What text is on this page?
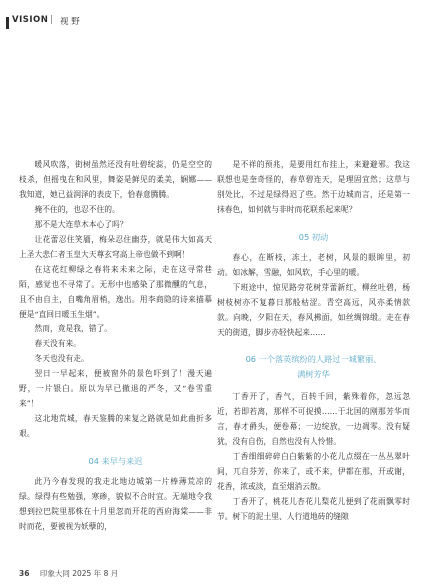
VISION | 视 野

暖风吹落，街树虽然还没有吐碧绽蕊，仍是空空的枝杀，但摇曳在和风里，舞姿是鲜见的柔美，娴娜——我知道，她已益润泽的表皮下，恰春意腾腾。

掩不住的，也忍不住的。

那不是大连草木本心了吗？

让花蕾忍住笑靥，梅朵忍住幽芬，就是伟大如高天上圣大悲仁者玉皇大天尊玄穹高上帝也做不到啊！

在这花红柳绿之春将来未来之际，走在这寻常巷陌，感觉也不寻常了。无形中也感染了那微醺的气息，且不由自主，自嘴角眉梢，逸出。用李商隐的诗来描摹便是“直回日暖玉生烟”。

然而，竟是我，错了。

春天没有来。

冬天也没有走。

翌日一早起来，便被窗外的景色吓到了！漫天遍野，一片银白。原以为早已撤退的严冬，又“卷雪重来”！

这北地荒城，春天鉴腾的来复之路就是如此曲折多艰。

04 来早与来迟

此乃今春发现的我走北地边城第一片棒薄荒凉的绿。绿得有些勉强，寒碜，貌似不合时宜。无端地令我想到拉巴院里那株在十月里忽而开花的西府海棠——非时而花，要被视为妖孽的，

是不祥的预兆，是要用红布挂上，来避避邪。我这联想也是奎奇怪的，春草碧连天，是理固宜然；这草与别处比，不过是绿得迟了些。然于边城而言，还是第一抹春色，如何就与非时而花联系起来呢？

05 初动

春心，在断枝，冻土，老树，风景的眼眸里，初动。如冰解，雪融，如风软，手心里的暖。

下班途中，惊见路旁花树芽蕾新红，柳丝吐碧，杨树枝树亦不复暮日那般枯涩。青空高远，风亦柔情款款。向晚，夕阳在天，春风拂面，如丝绸锦缎。走在春天的街道，脚步亦轻快起来……

06 一个落英缤纷的人路过一城繁丽、
满树芳华

丁香开了，香气，百转千回，紫殊着你，忽远忽近，若即若离，那样不可捉摸……于北国的刚那芳华而言，春才爵头，便卷幕；一边绽放，一边凋零。没有疑犹，没有自伤，自然也没有人怜惜。

丁香细细碎碎白白紫紫的小花儿点缀在一丛丛翠叶间，兀自芬芳，你来了，或不来，伊都在那，开或谢，花香，浓或淡，直至烟消云散。

丁香开了，桃花儿杏花儿梨花儿便到了花雨飘零时节。树下的泥土里、人行道地砖的缝隙

36 印象大同 2025 年 8 月
